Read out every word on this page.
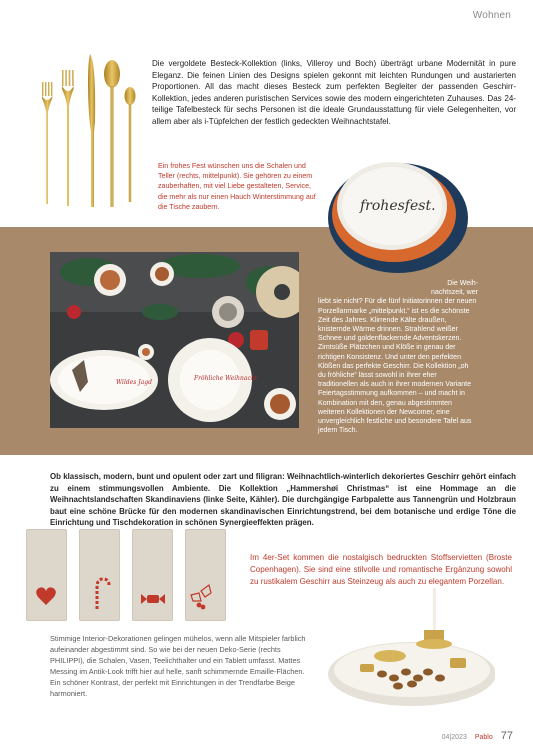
Wohnen
Die vergoldete Besteck-Kollektion (links, Villeroy und Boch) überträgt urbane Modernität in pure Eleganz. Die feinen Linien des Designs spielen gekonnt mit leichten Rundungen und austarierten Proportionen. All das macht dieses Besteck zum perfekten Begleiter der passenden Geschirr-Kollektion, jedes anderen puristischen Services sowie des modern eingerichteten Zuhauses. Das 24-teilige Tafelbesteck für sechs Personen ist die ideale Grundausstattung für viele Gelegenheiten, vor allem aber als i-Tüpfelchen der festlich gedeckten Weihnachtstafel.
Ein frohes Fest wünschen uns die Schalen und Teller (rechts, mittelpunkt). Sie gehören zu einem zauberhaften, mit viel Liebe gestalteten, Service, die mehr als nur einen Hauch Winterstimmung auf die Tische zaubern.	frohesfest.
Wildes Jagd
Fröhliche Weihnacht
Die Weih-
nachtszeit, wer
liebt sie nicht? Für die fünf Initiatorinnen der neuen Porzellanmarke „mittelpunkt.“ ist es die schönste Zeit des Jahres. Klirrende Kälte draußen, knisternde Wärme drinnen. Strahlend weißer Schnee und goldenflackernde Adventskerzen. Zimtsüße Plätzchen und Klöße in genau der richtigen Konsistenz. Und unter den perfekten Klößen das perfekte Geschirr. Die Kollektion „oh du fröhliche“ lässt sowohl in ihrer eher traditionellen als auch in ihrer modernen Variante Feiertagsstimmung aufkommen – und macht in Kombination mit den, genau abgestimmten weiteren Kollektionen der Newcomer, eine unvergleichlich festliche und besondere Tafel aus jedem Tisch.
Ob klassisch, modern, bunt und opulent oder zart und filigran: Weihnachtlich-winterlich dekoriertes Geschirr gehört einfach zu einem stimmungsvollen Ambiente. Die Kollektion „Hammershøi Christmas“ ist eine Hommage an die Weihnachtslandschaften Skandinaviens (linke Seite, Kähler). Die durchgängige Farbpalette aus Tannengrün und Holzbraun baut eine schöne Brücke für den modernen skandinavischen Einrichtungstrend, bei dem botanische und erdige Töne die Einrichtung und Tischdekoration in schönen Synergieeffekten prägen.
Im 4er-Set kommen die nostalgisch bedruckten Stoffservietten (Broste Copenhagen). Sie sind eine stilvolle und romantische Ergänzung sowohl zu rustikalem Geschirr aus Steinzeug als auch zu elegantem Porzellan.
Stimmige Interior-Dekorationen gelingen mühelos, wenn alle Mitspieler farblich aufeinander abgestimmt sind. So wie bei der neuen Deko-Serie (rechts PHILIPPI), die Schalen, Vasen, Teelichthalter und ein Tablett umfasst. Mattes Messing im Antik-Look trifft hier auf helle, sanft schimmernde Emaille-Flächen. Ein schöner Kontrast, der perfekt mit Einrichtungen in der Trendfarbe Beige harmoniert.
04|2023 Pablo 77
